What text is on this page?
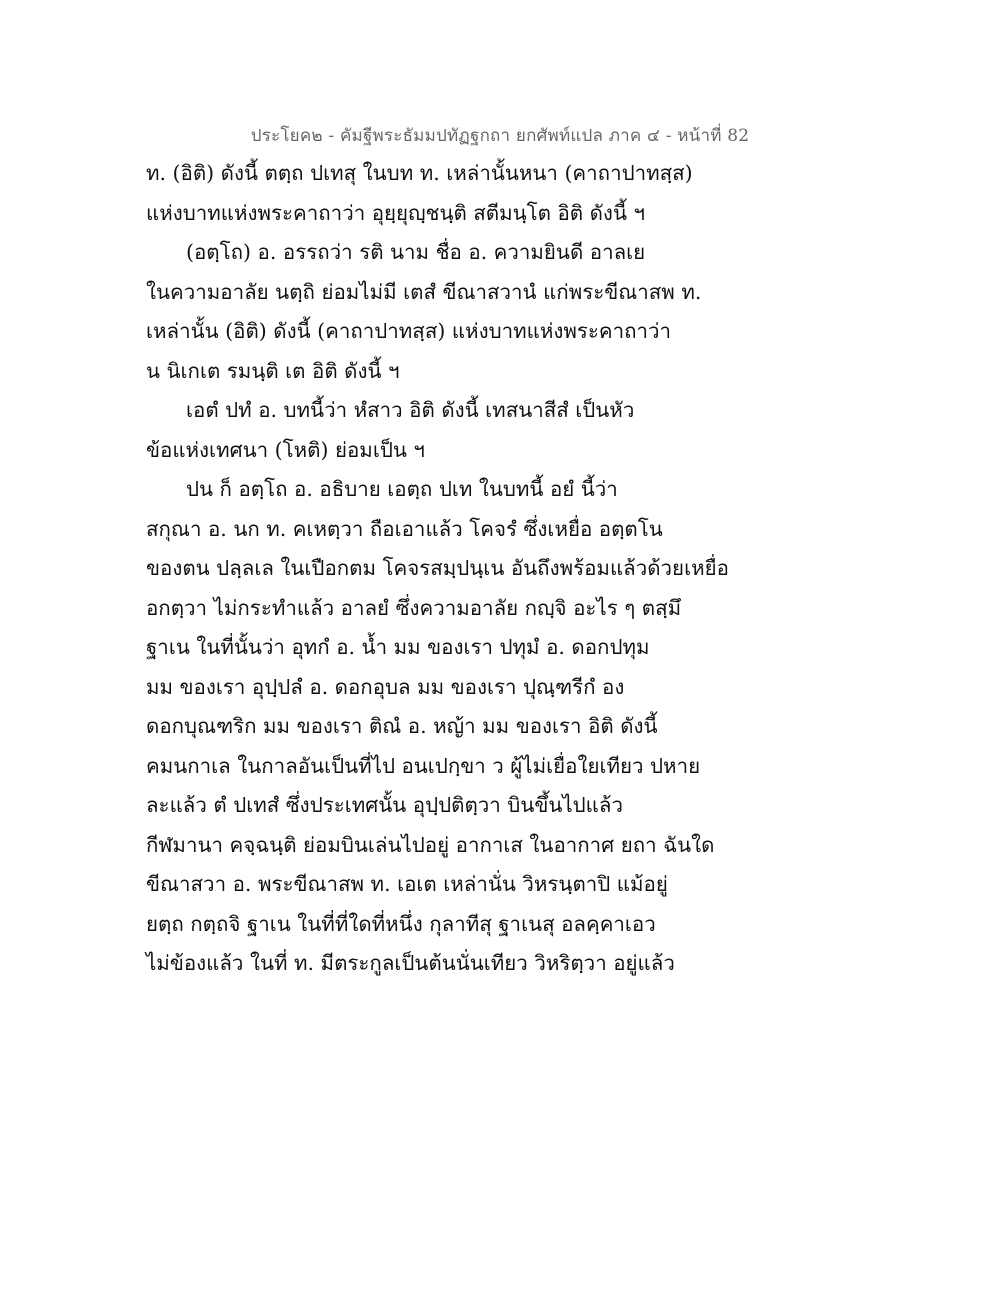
ประโยค๒ - คัมฐีพระธัมมปทัฏฐกถา ยกศัพท์แปล ภาค ๔ - หน้าที่ 82
ท. (อิติ) ดังนี้ ตตฺถ ปเทสุ ในบท ท. เหล่านั้นหนา (คาถาปาทสฺส)
แห่งบาทแห่งพระคาถาว่า อุยฺยุญฺชนฺติ สตีมนฺโต อิติ ดังนี้ ฯ
(อตฺโถ) อ. อรรถว่า รติ นาม ชื่อ อ. ความยินดี อาลเย
ในความอาลัย นตฺถิ ย่อมไม่มี เตสํ ขีณาสวานํ แก่พระขีณาสพ ท.
เหล่านั้น (อิติ) ดังนี้ (คาถาปาทสฺส) แห่งบาทแห่งพระคาถาว่า
น นิเกเต รมนฺติ เต อิติ ดังนี้ ฯ
เอตํ ปทํ อ. บทนี้ว่า หํสาว อิติ ดังนี้ เทสนาสีสํ เป็นหัว
ข้อแห่งเทศนา (โหติ) ย่อมเป็น ฯ
ปน ก็ อตฺโถ อ. อธิบาย เอตฺถ ปเท ในบทนี้ อยํ นี้ว่า
สกุณา อ. นก ท. คเหตฺวา ถือเอาแล้ว โคจรํ ซึ่งเหยื่อ อตฺตโน
ของตน ปลฺลเล ในเปือกตม โคจรสมฺปนฺเน อันถึงพร้อมแล้วด้วยเหยื่อ
อกตฺวา ไม่กระทำแล้ว อาลยํ ซึ่งความอาลัย กญฺจิ อะไร ๆ ตสฺมึ
ฐาเน ในที่นั้นว่า อุทกํ อ. น้ำ มม ของเรา ปทุมํ อ. ดอกปทุม
มม ของเรา อุปฺปลํ อ. ดอกอุบล มม ของเรา ปุณฺฑรีกํ อง
ดอกบุณฑริก มม ของเรา ติณํ อ. หญ้า มม ของเรา อิติ ดังนี้
คมนกาเล ในกาลอันเป็นที่ไป อนเปกฺขา ว ผู้ไม่เยื่อใยเทียว ปหาย
ละแล้ว ตํ ปเทสํ ซึ่งประเทศนั้น อุปฺปติตฺวา บินขึ้นไปแล้ว
กีฬมานา คจฺฉนฺติ ย่อมบินเล่นไปอยู่ อากาเส ในอากาศ ยถา ฉันใด
ขีณาสวา อ. พระขีณาสพ ท. เอเต เหล่านั่น วิหรนฺตาปิ แม้อยู่
ยตฺถ กตฺถจิ ฐาเน ในที่ที่ใดที่หนึ่ง กุลาทีสุ ฐาเนสุ อลคฺคาเอว
ไม่ข้องแล้ว ในที่ ท. มีตระกูลเป็นต้นนั่นเทียว วิหริตฺวา อยู่แล้ว
